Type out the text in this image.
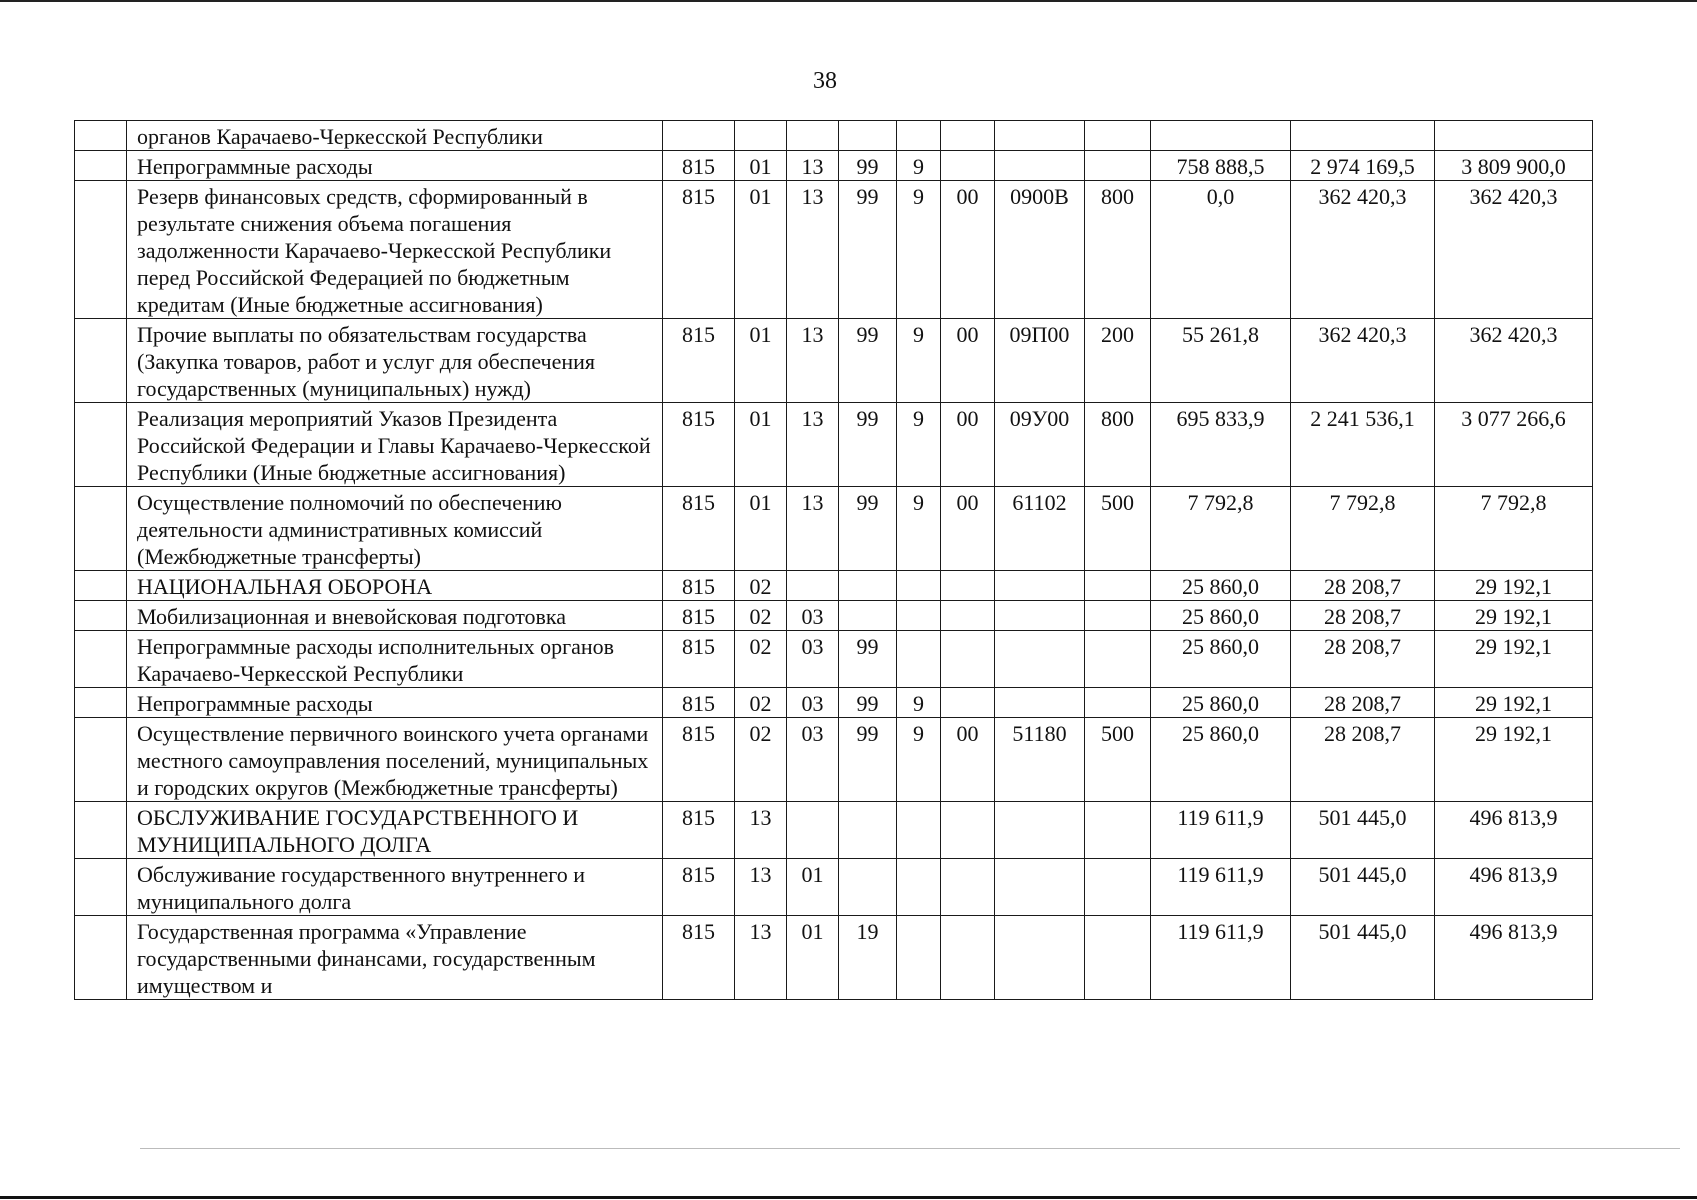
38
	органов Карачаево-Черкесской Республики											
	Непрограммные расходы	815	01	13	99	9				758 888,5	2 974 169,5	3 809 900,0
	Резерв финансовых средств, сформированный в результате снижения объема погашения задолженности Карачаево-Черкесской Республики перед Российской Федерацией по бюджетным кредитам (Иные бюджетные ассигнования)	815	01	13	99	9	00	0900В	800	0,0	362 420,3	362 420,3
	Прочие выплаты по обязательствам государства (Закупка товаров, работ и услуг для обеспечения государственных (муниципальных) нужд)	815	01	13	99	9	00	09П00	200	55 261,8	362 420,3	362 420,3
	Реализация мероприятий Указов Президента Российской Федерации и Главы Карачаево-Черкесской Республики (Иные бюджетные ассигнования)	815	01	13	99	9	00	09У00	800	695 833,9	2 241 536,1	3 077 266,6
	Осуществление полномочий по обеспечению деятельности административных комиссий (Межбюджетные трансферты)	815	01	13	99	9	00	61102	500	7 792,8	7 792,8	7 792,8
	НАЦИОНАЛЬНАЯ ОБОРОНА	815	02							25 860,0	28 208,7	29 192,1
	Мобилизационная и вневойсковая подготовка	815	02	03						25 860,0	28 208,7	29 192,1
	Непрограммные расходы исполнительных органов Карачаево-Черкесской Республики	815	02	03	99					25 860,0	28 208,7	29 192,1
	Непрограммные расходы	815	02	03	99	9				25 860,0	28 208,7	29 192,1
	Осуществление первичного воинского учета органами местного самоуправления поселений, муниципальных и городских округов (Межбюджетные трансферты)	815	02	03	99	9	00	51180	500	25 860,0	28 208,7	29 192,1
	ОБСЛУЖИВАНИЕ ГОСУДАРСТВЕННОГО И МУНИЦИПАЛЬНОГО ДОЛГА	815	13							119 611,9	501 445,0	496 813,9
	Обслуживание государственного внутреннего и муниципального долга	815	13	01						119 611,9	501 445,0	496 813,9
	Государственная программа «Управление государственными финансами, государственным имуществом и	815	13	01	19					119 611,9	501 445,0	496 813,9
